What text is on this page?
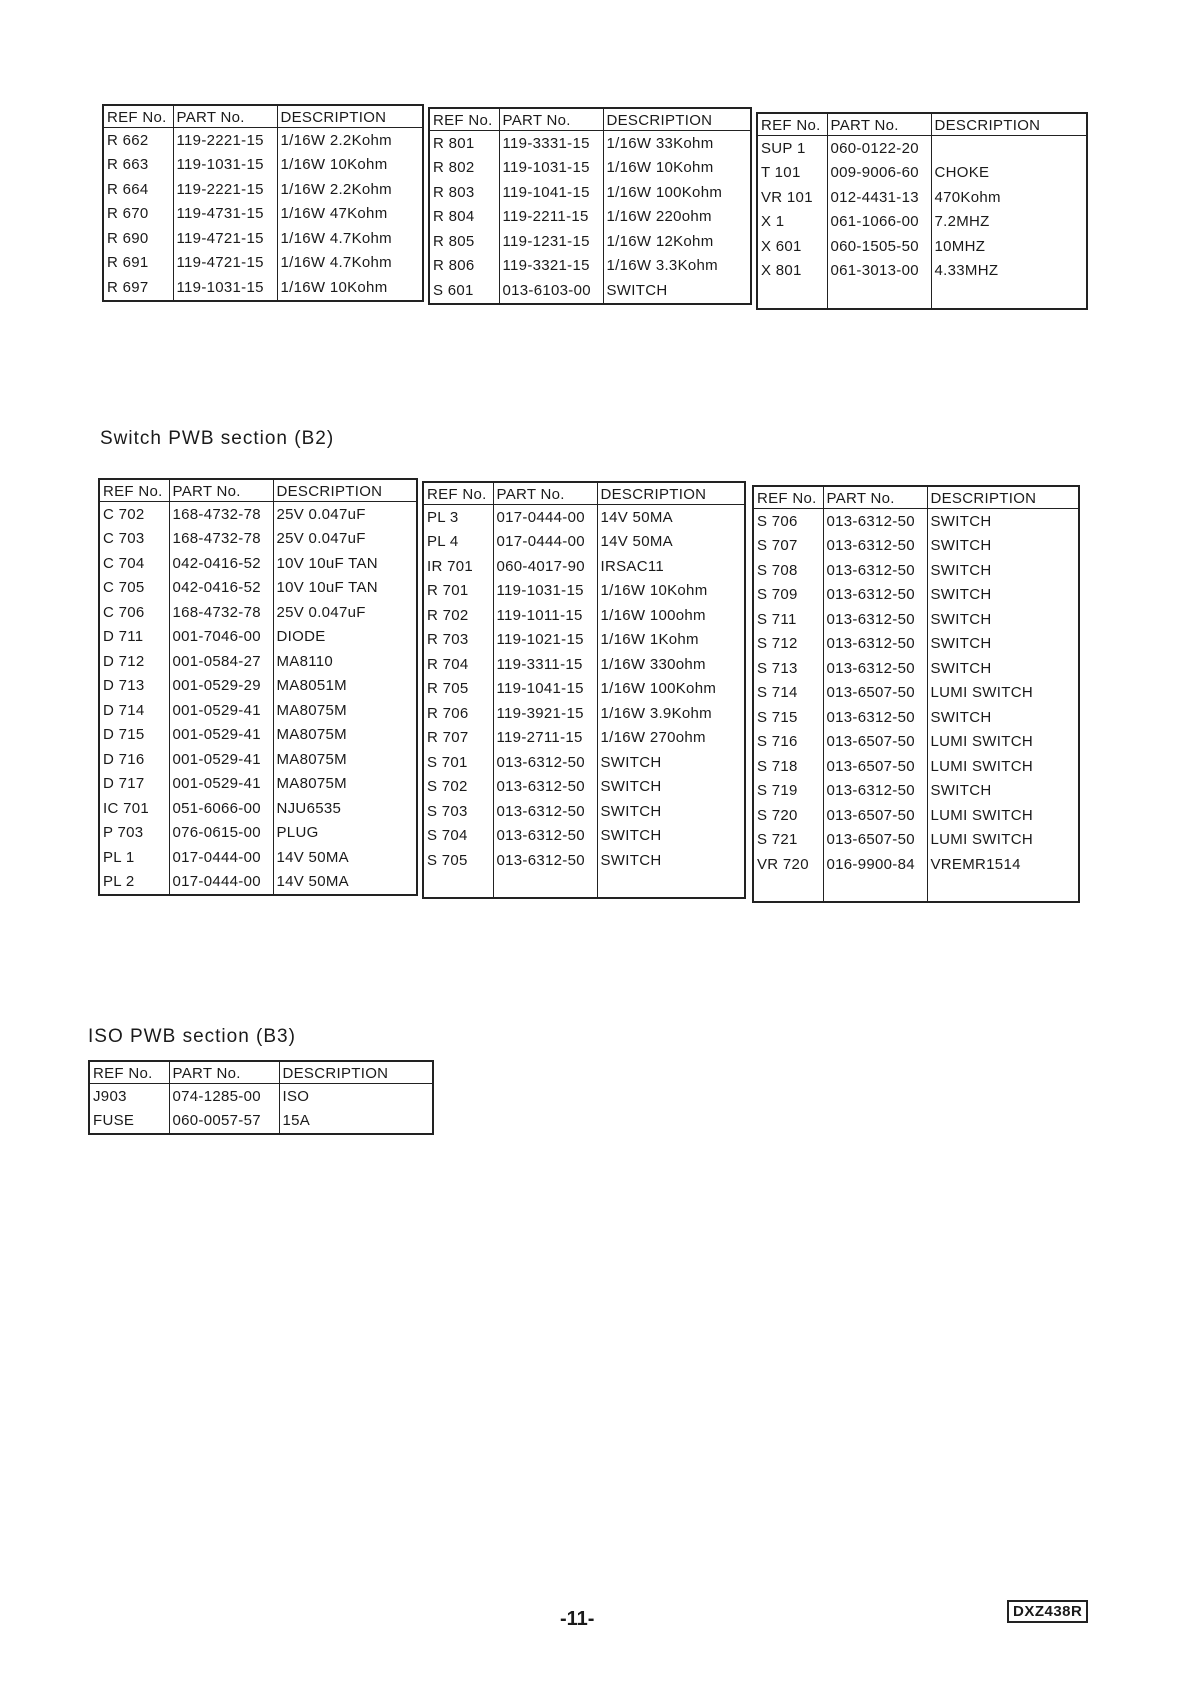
REF No.	PART No.	DESCRIPTION
R 662	119-2221-15	1/16W 2.2Kohm
R 663	119-1031-15	1/16W 10Kohm
R 664	119-2221-15	1/16W 2.2Kohm
R 670	119-4731-15	1/16W 47Kohm
R 690	119-4721-15	1/16W 4.7Kohm
R 691	119-4721-15	1/16W 4.7Kohm
R 697	119-1031-15	1/16W 10Kohm
REF No.	PART No.	DESCRIPTION
R 801	119-3331-15	1/16W 33Kohm
R 802	119-1031-15	1/16W 10Kohm
R 803	119-1041-15	1/16W 100Kohm
R 804	119-2211-15	1/16W 220ohm
R 805	119-1231-15	1/16W 12Kohm
R 806	119-3321-15	1/16W 3.3Kohm
S 601	013-6103-00	SWITCH
REF No.	PART No.	DESCRIPTION
SUP 1	060-0122-20	
T 101	009-9006-60	CHOKE
VR 101	012-4431-13	470Kohm
X 1	061-1066-00	7.2MHZ
X 601	060-1505-50	10MHZ
X 801	061-3013-00	4.33MHZ

Switch PWB section (B2)
REF No.	PART No.	DESCRIPTION
C 702	168-4732-78	25V 0.047uF
C 703	168-4732-78	25V 0.047uF
C 704	042-0416-52	10V 10uF TAN
C 705	042-0416-52	10V 10uF TAN
C 706	168-4732-78	25V 0.047uF
D 711	001-7046-00	DIODE
D 712	001-0584-27	MA8110
D 713	001-0529-29	MA8051M
D 714	001-0529-41	MA8075M
D 715	001-0529-41	MA8075M
D 716	001-0529-41	MA8075M
D 717	001-0529-41	MA8075M
IC 701	051-6066-00	NJU6535
P 703	076-0615-00	PLUG
PL 1	017-0444-00	14V 50MA
PL 2	017-0444-00	14V 50MA
REF No.	PART No.	DESCRIPTION
PL 3	017-0444-00	14V 50MA
PL 4	017-0444-00	14V 50MA
IR 701	060-4017-90	IRSAC11
R 701	119-1031-15	1/16W 10Kohm
R 702	119-1011-15	1/16W 100ohm
R 703	119-1021-15	1/16W 1Kohm
R 704	119-3311-15	1/16W 330ohm
R 705	119-1041-15	1/16W 100Kohm
R 706	119-3921-15	1/16W 3.9Kohm
R 707	119-2711-15	1/16W 270ohm
S 701	013-6312-50	SWITCH
S 702	013-6312-50	SWITCH
S 703	013-6312-50	SWITCH
S 704	013-6312-50	SWITCH
S 705	013-6312-50	SWITCH

REF No.	PART No.	DESCRIPTION
S 706	013-6312-50	SWITCH
S 707	013-6312-50	SWITCH
S 708	013-6312-50	SWITCH
S 709	013-6312-50	SWITCH
S 711	013-6312-50	SWITCH
S 712	013-6312-50	SWITCH
S 713	013-6312-50	SWITCH
S 714	013-6507-50	LUMI SWITCH
S 715	013-6312-50	SWITCH
S 716	013-6507-50	LUMI SWITCH
S 718	013-6507-50	LUMI SWITCH
S 719	013-6312-50	SWITCH
S 720	013-6507-50	LUMI SWITCH
S 721	013-6507-50	LUMI SWITCH
VR 720	016-9900-84	VREMR1514

ISO PWB section (B3)
REF No.	PART No.	DESCRIPTION
J903	074-1285-00	ISO
FUSE	060-0057-57	15A
-11-	DXZ438R
